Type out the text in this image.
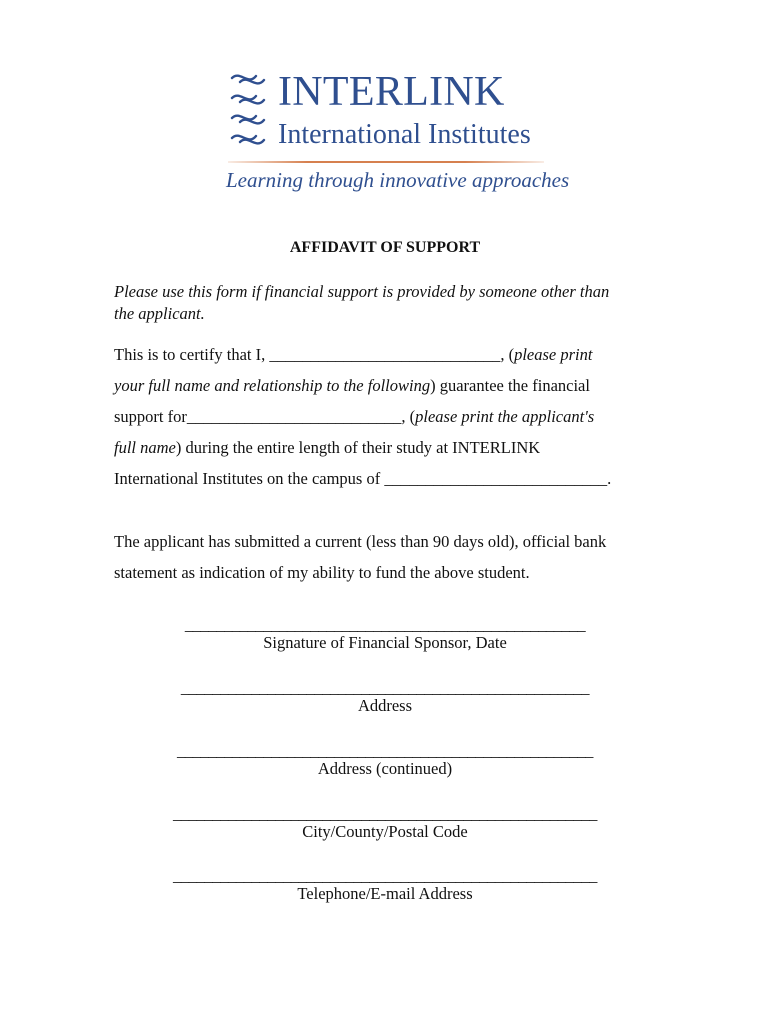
INTERLINK
International Institutes
Learning through innovative approaches
AFFIDAVIT OF SUPPORT
Please use this form if financial support is provided by someone other than
the applicant.
This is to certify that I, ____________________________, (please print
your full name and relationship to the following) guarantee the financial
support for__________________________, (please print the applicant's
full name) during the entire length of their study at INTERLINK
International Institutes on the campus of ___________________________.
The applicant has submitted a current (less than 90 days old), official bank
statement as indication of my ability to fund the above student.
___________________________________________________
Signature of Financial Sponsor, Date
____________________________________________________
Address
_____________________________________________________
Address (continued)
______________________________________________________
City/County/Postal Code
______________________________________________________
Telephone/E-mail Address
